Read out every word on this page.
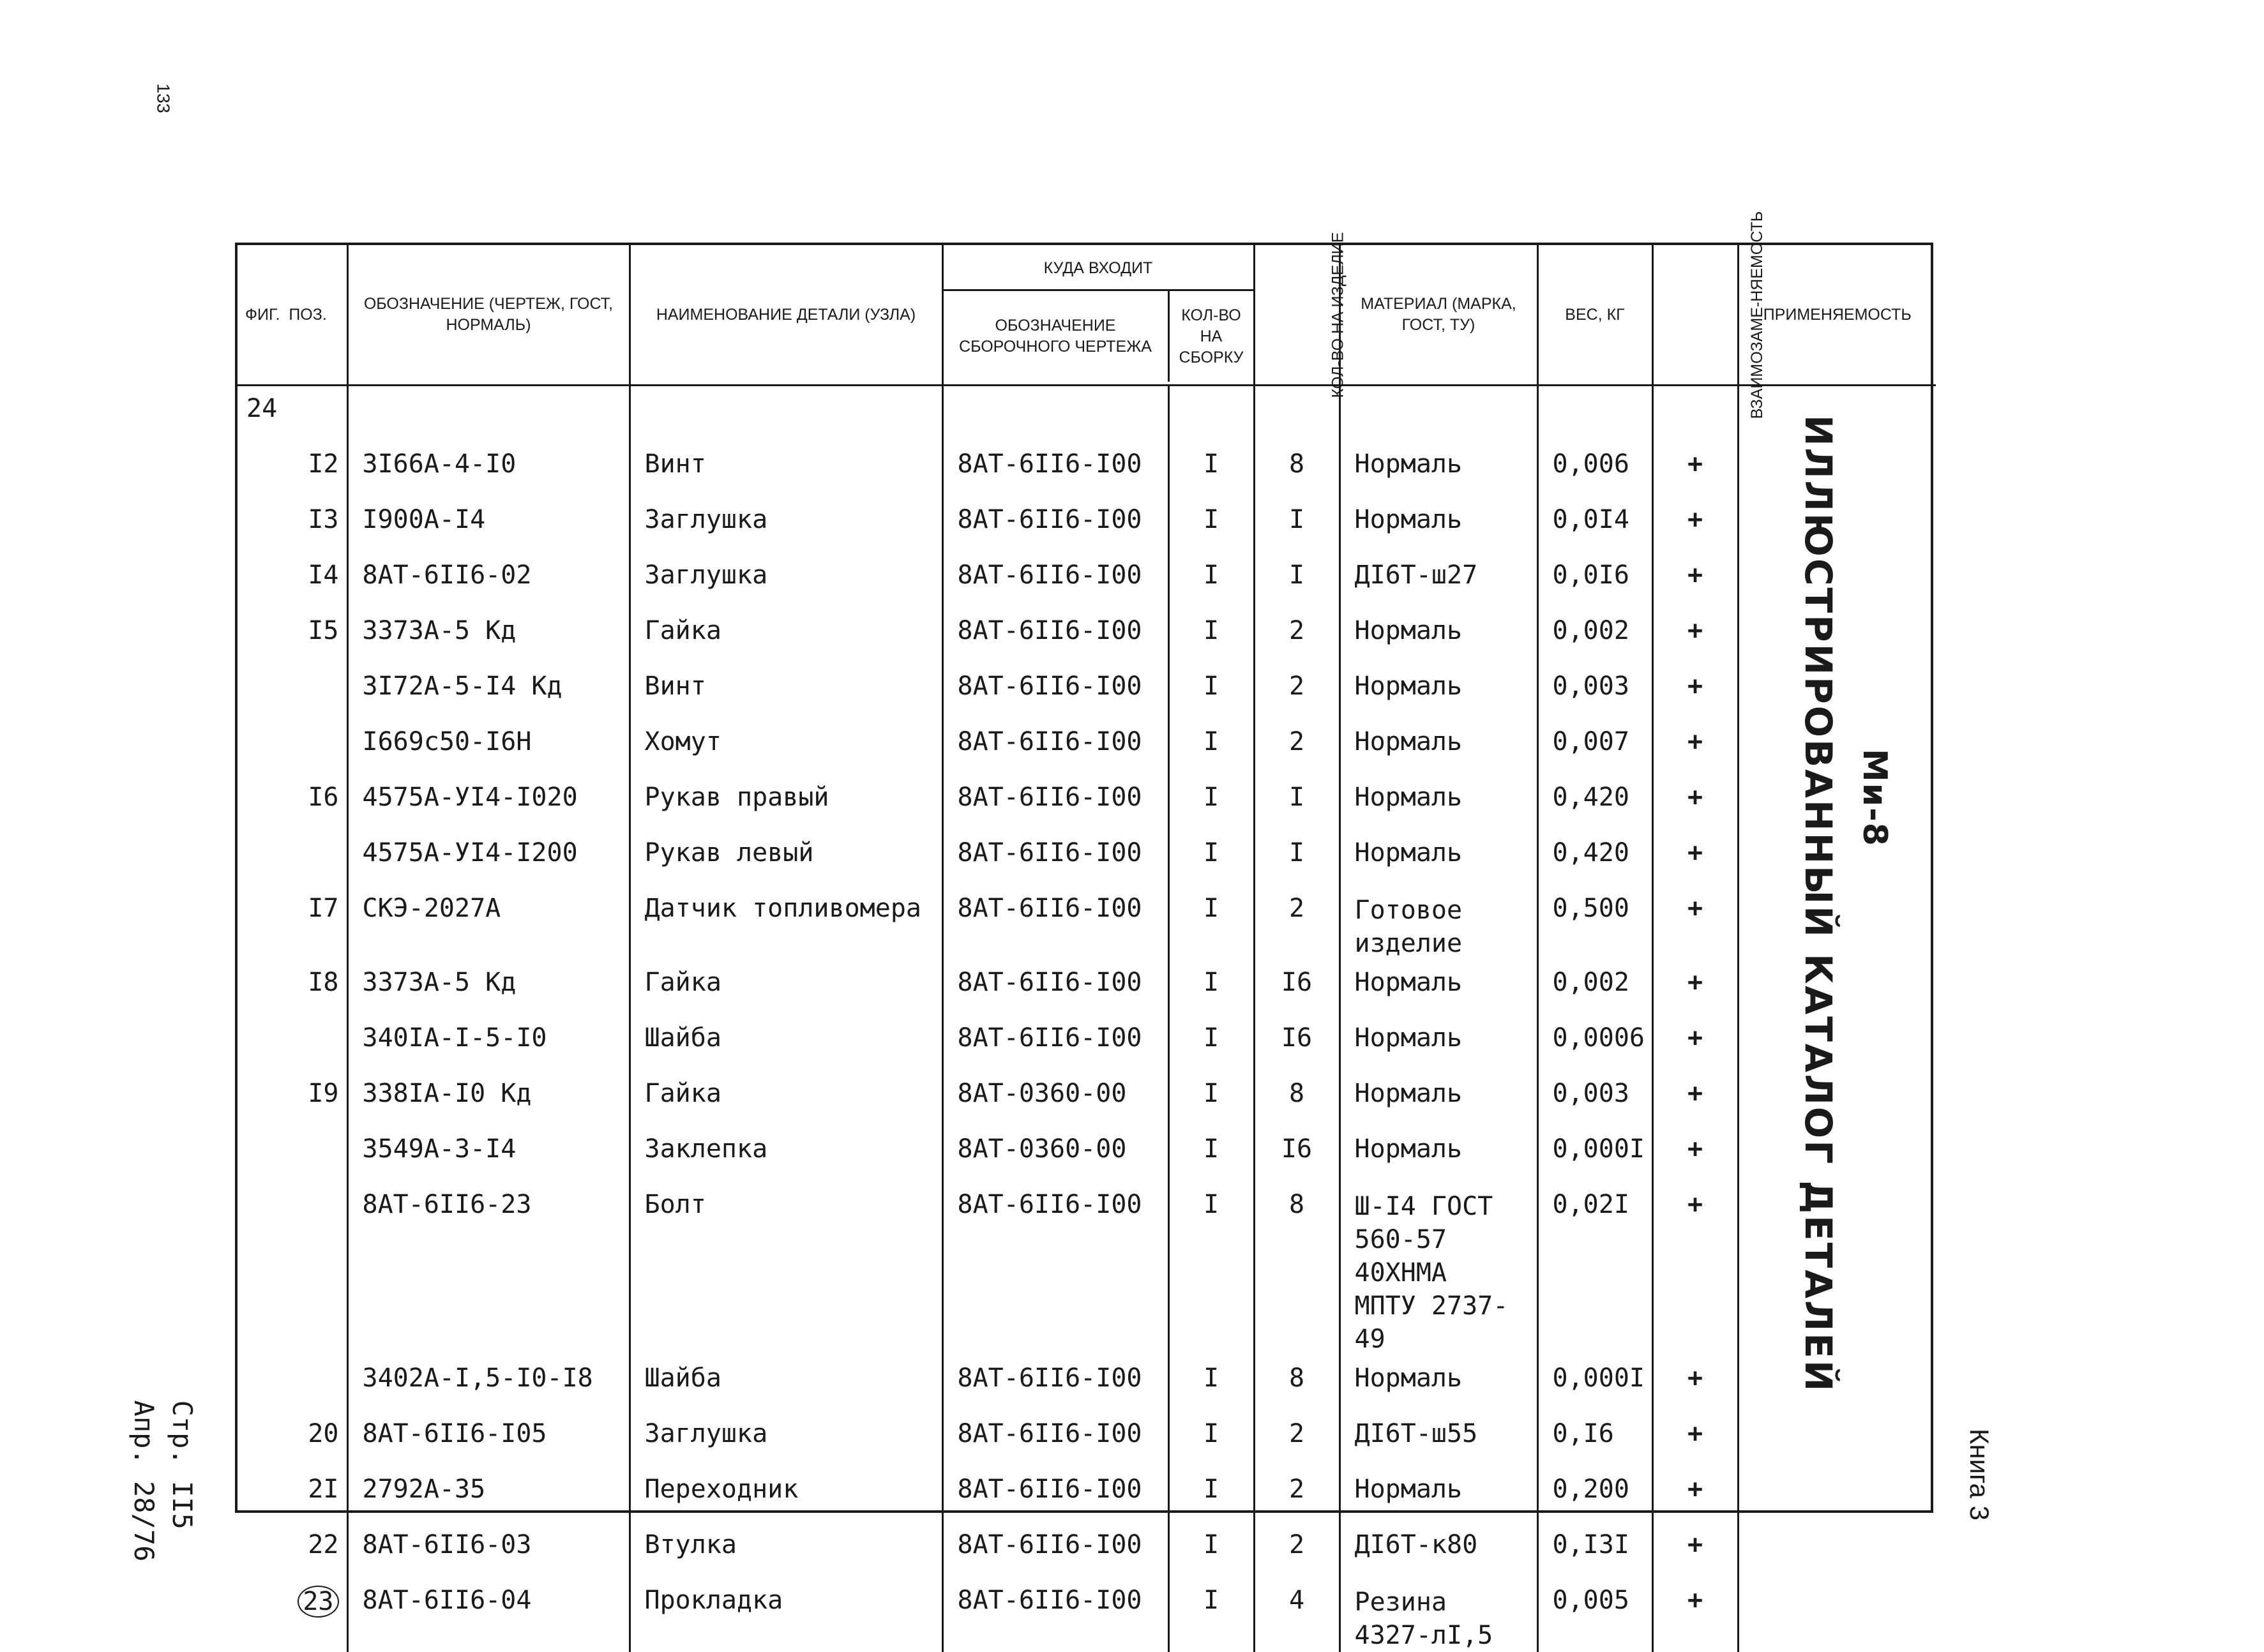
133
Ми-8
ИЛЛЮСТРИРОВАННЫЙ КАТАЛОГ ДЕТАЛЕЙ
Книга 3
Стр. II5
Апр. 28/76
ФИГ. ПОЗ.	ОБОЗНАЧЕНИЕ (ЧЕРТЕЖ, ГОСТ, НОРМАЛЬ)	НАИМЕНОВАНИЕ ДЕТАЛИ (УЗЛА)	КУДА ВХОДИТ
ОБОЗНАЧЕНИЕ СБОРОЧНОГО ЧЕРТЕЖА
КОЛ-ВО НА СБОРКУ		КОЛ-ВО НА ИЗДЕЛИЕ	МАТЕРИАЛ (МАРКА, ГОСТ, ТУ)	ВЕС, КГ	ВЗАИМОЗАМЕ-НЯЕМОСТЬ	ПРИМЕНЯЕМОСТЬ
24									
I2	3I66A-4-I0	Винт	8AT-6II6-I00	I	8	Нормаль	0,006	+	
I3	I900A-I4	Заглушка	8AT-6II6-I00	I	I	Нормаль	0,0I4	+	
I4	8AT-6II6-02	Заглушка	8AT-6II6-I00	I	I	ДI6Т-ш27	0,0I6	+	
I5	3373A-5 Кд	Гайка	8AT-6II6-I00	I	2	Нормаль	0,002	+	
	3I72A-5-I4 Кд	Винт	8AT-6II6-I00	I	2	Нормаль	0,003	+	
	I669c50-I6H	Хомут	8AT-6II6-I00	I	2	Нормаль	0,007	+	
I6	4575A-УI4-I020	Рукав правый	8AT-6II6-I00	I	I	Нормаль	0,420	+	
	4575A-УI4-I200	Рукав левый	8AT-6II6-I00	I	I	Нормаль	0,420	+	
I7	СКЭ-2027А	Датчик топливомера	8AT-6II6-I00	I	2	Готовое изделие	0,500	+	
I8	3373A-5 Кд	Гайка	8AT-6II6-I00	I	I6	Нормаль	0,002	+	
	340IA-I-5-I0	Шайба	8AT-6II6-I00	I	I6	Нормаль	0,0006	+	
I9	338IA-I0 Кд	Гайка	8AT-0360-00	I	8	Нормаль	0,003	+	
	3549A-3-I4	Заклепка	8AT-0360-00	I	I6	Нормаль	0,000I	+	
	8AT-6II6-23	Болт	8AT-6II6-I00	I	8	Ш-I4 ГОСТ 560-57 40ХНМА МПТУ 2737-49	0,02I	+	
	3402A-I,5-I0-I8	Шайба	8AT-6II6-I00	I	8	Нормаль	0,000I	+	
20	8AT-6II6-I05	Заглушка	8AT-6II6-I00	I	2	ДI6Т-ш55	0,I6	+	
2I	2792A-35	Переходник	8AT-6II6-I00	I	2	Нормаль	0,200	+	
22	8AT-6II6-03	Втулка	8AT-6II6-I00	I	2	ДI6Т-к80	0,I3I	+	
23	8AT-6II6-04	Прокладка	8AT-6II6-I00	I	4	Резина 4327-лI,5	0,005	+	
